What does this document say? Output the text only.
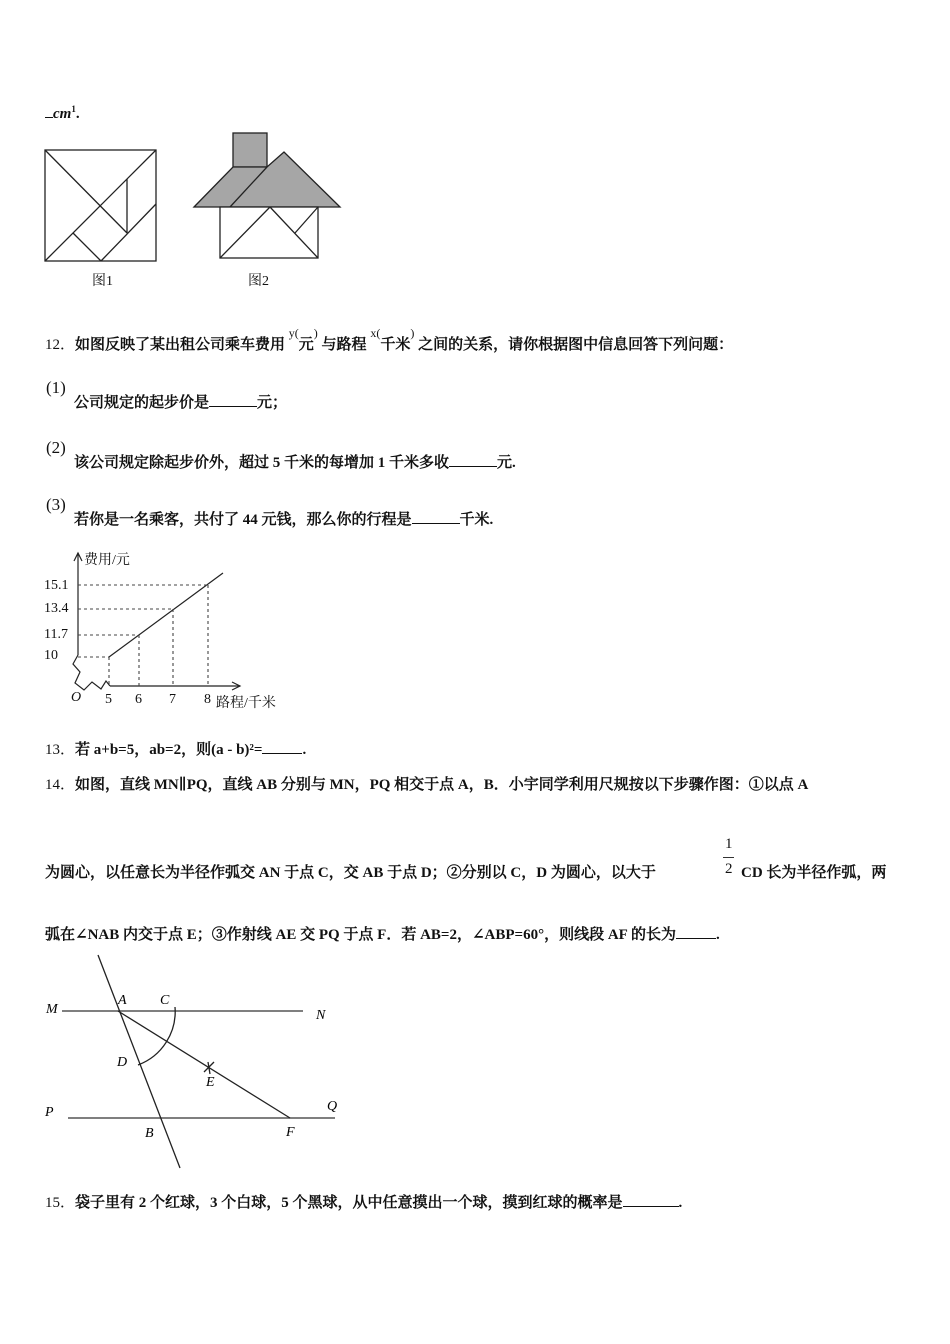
$cm^1$.
图1	图2
12．如图反映了某出租公司乘车费用 $^{y(}$元) 与路程 $^{x(}$千米) 之间的关系，请你根据图中信息回答下列问题：
(1)
公司规定的起步价是	元；
(2)
该公司规定除起步价外，超过 5 千米的每增加 1 千米多收	元.
(3)
若你是一名乘客，共付了 44 元钱，那么你的行程是	千米.
费用/元
15.1
13.4
11.7
10
O 5 6 7 8 路程/千米
13．若 a+b=5，ab=2，则(a - b)²=	.
14．如图，直线 MN∥PQ，直线 AB 分别与 MN，PQ 相交于点 A，B．小宇同学利用尺规按以下步骤作图：①以点 A
为圆心，以任意长为半径作弧交 AN 于点 C，交 AB 于点 D；②分别以 C，D 为圆心，以大于
1
2 CD 长为半径作弧，两
弧在∠NAB 内交于点 E；③作射线 AE 交 PQ 于点 F．若 AB=2，∠ABP=60°，则线段 AF 的长为	.
M
A C
N
D
E
P	Q
B	F
15．袋子里有 2 个红球，3 个白球，5 个黑球，从中任意摸出一个球，摸到红球的概率是	.
